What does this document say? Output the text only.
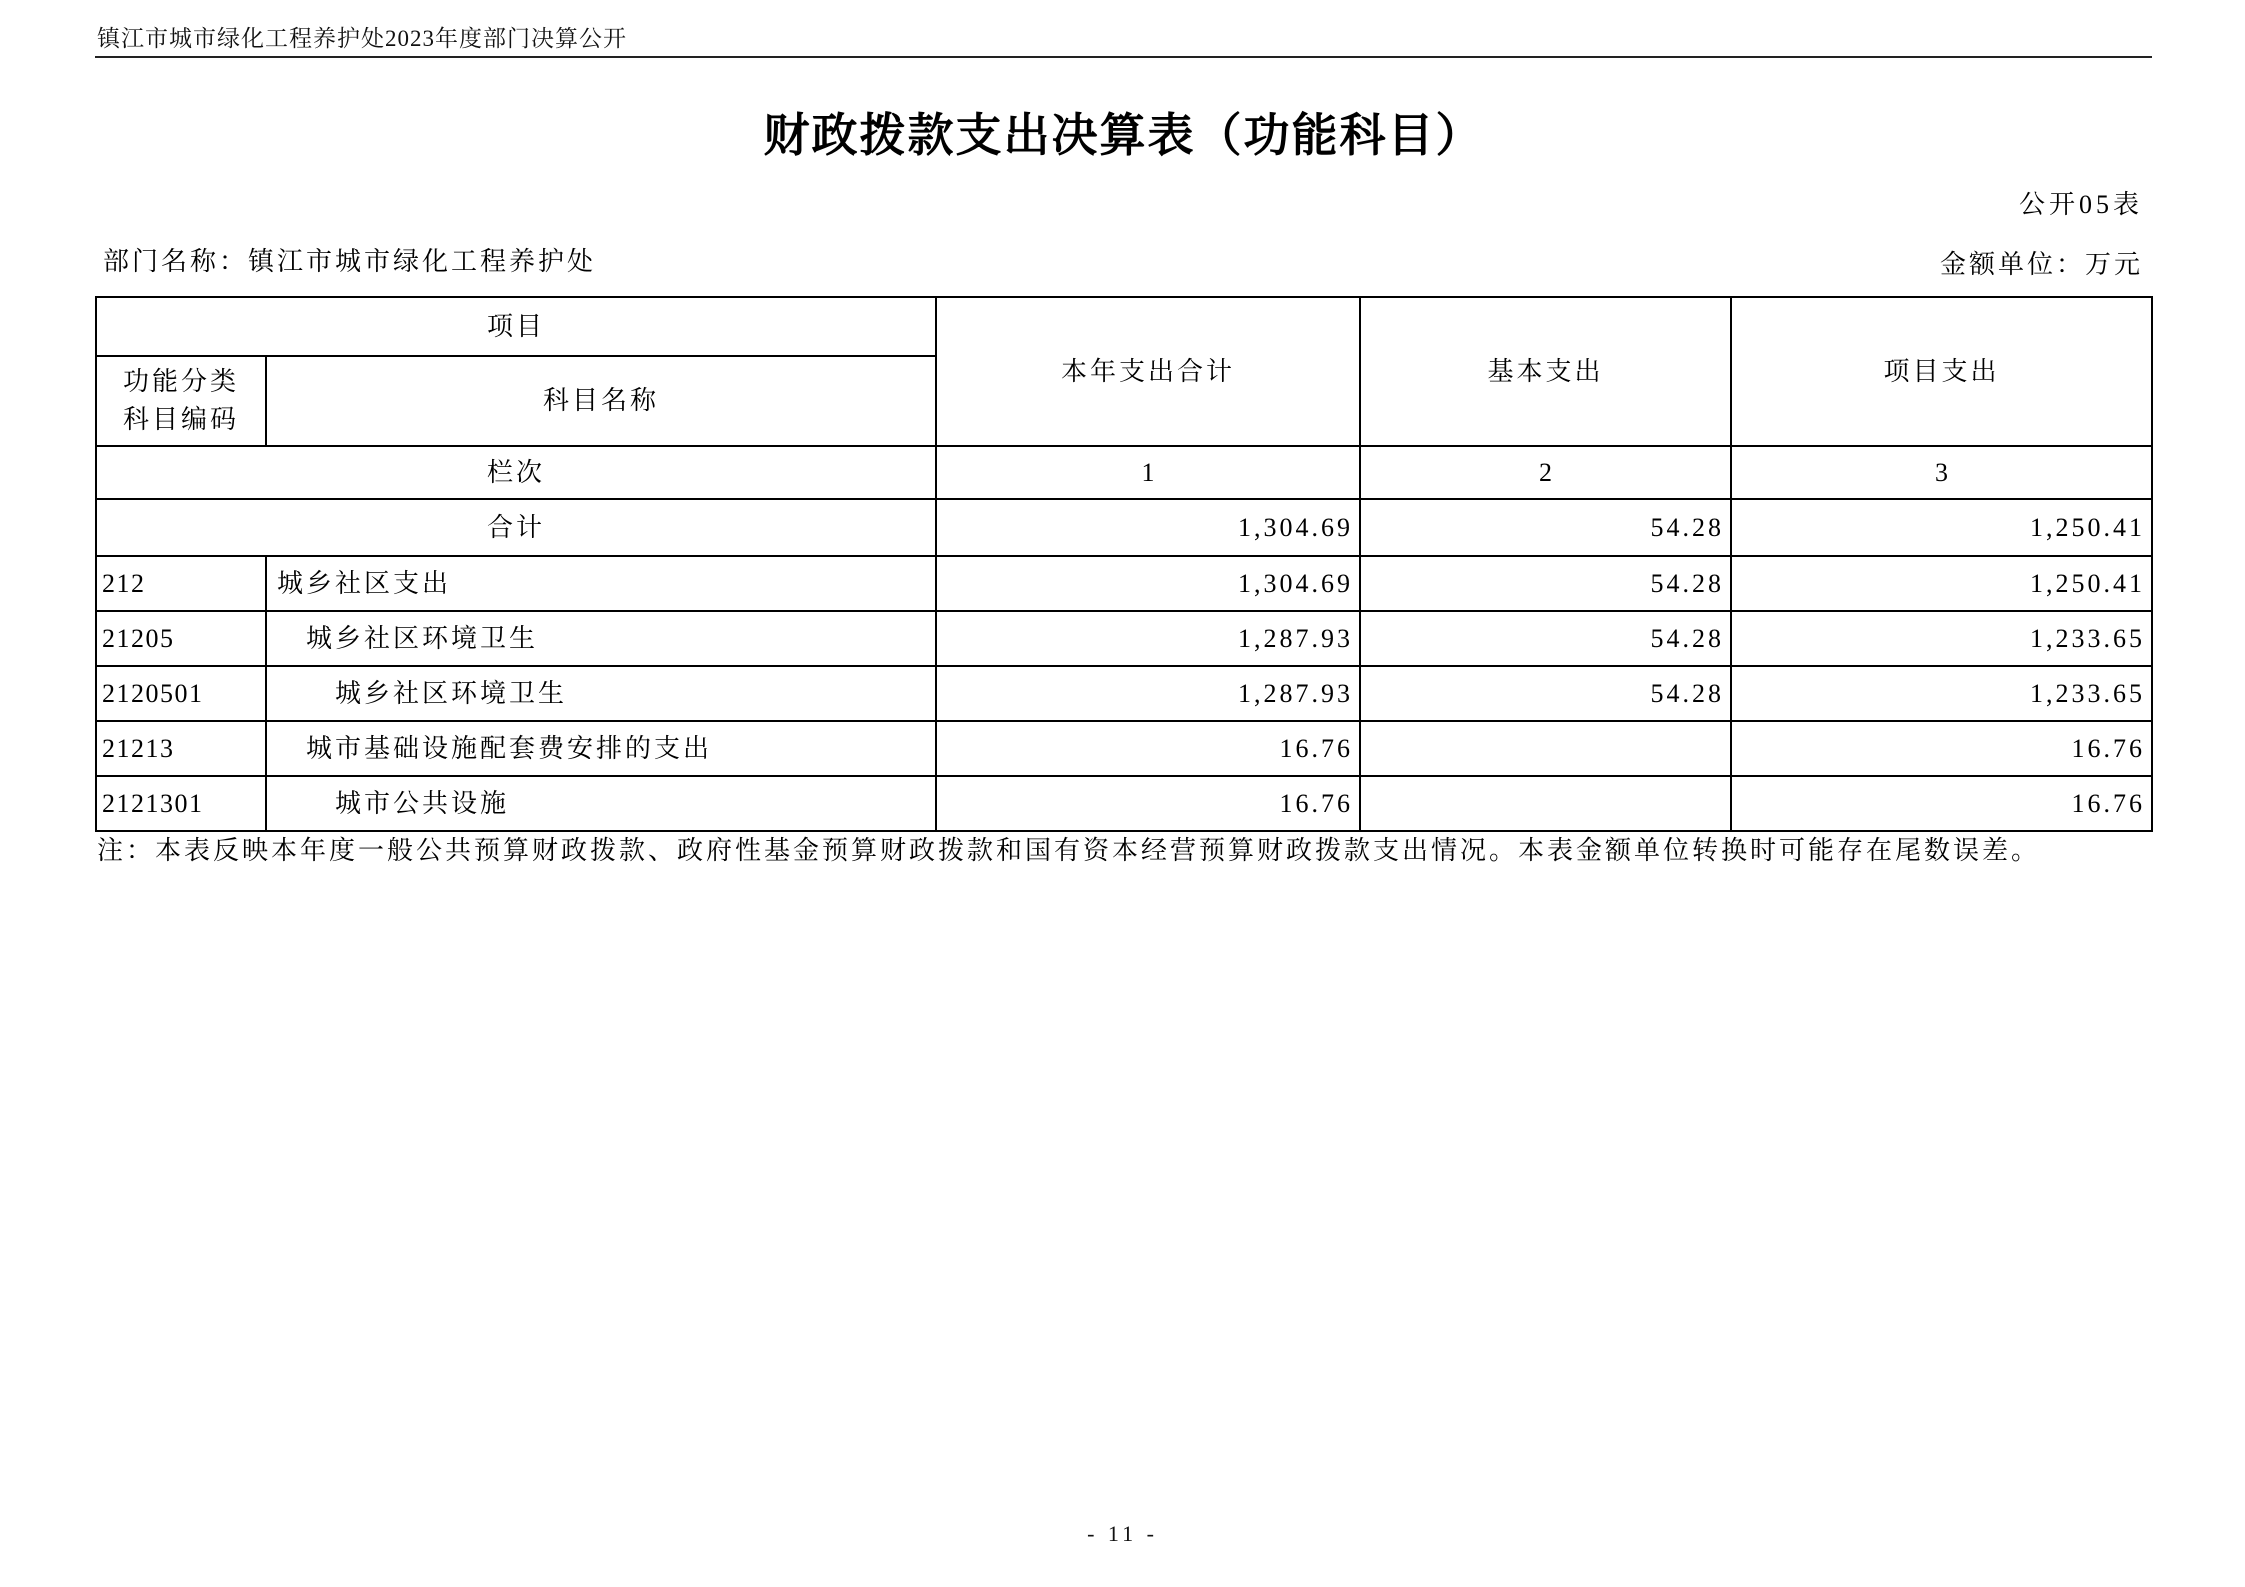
镇江市城市绿化工程养护处2023年度部门决算公开
财政拨款支出决算表（功能科目）
公开05表
部门名称：镇江市城市绿化工程养护处	金额单位：万元
项目		本年支出合计	基本支出	项目支出

功能分类
科目编码	科目名称			
栏次		1	2	3
合计		1,304.69	54.28	1,250.41
212	城乡社区支出	1,304.69	54.28	1,250.41
21205	城乡社区环境卫生	1,287.93	54.28	1,233.65
2120501	城乡社区环境卫生	1,287.93	54.28	1,233.65
21213	城市基础设施配套费安排的支出	16.76		16.76
2121301	城市公共设施	16.76		16.76
注：本表反映本年度一般公共预算财政拨款、政府性基金预算财政拨款和国有资本经营预算财政拨款支出情况。本表金额单位转换时可能存在尾数误差。
- 11 -
